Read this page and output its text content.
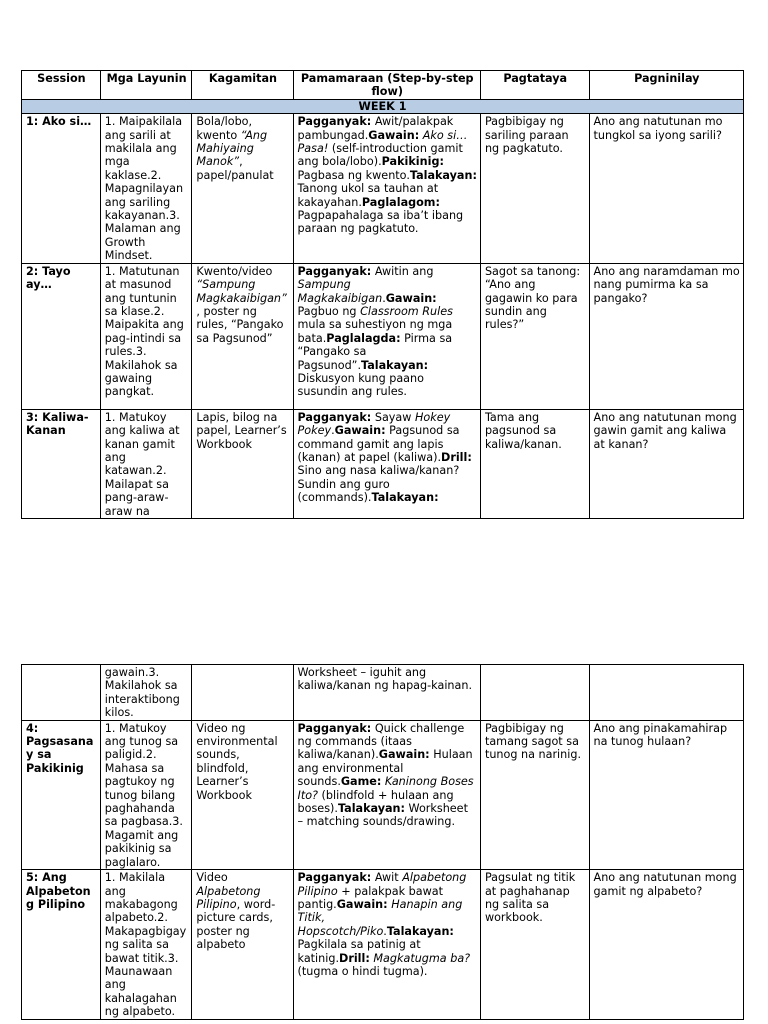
Session	Mga Layunin	Kagamitan	Pamamaraan (Step-by-step flow)	Pagtataya	Pagninilay
WEEK 1					
1: Ako si…	1. Maipakilala ang sarili at makilala ang mga kaklase.2. Mapagnilayan ang sariling kakayanan.3. Malaman ang Growth Mindset.	Bola/lobo, kwento “Ang Mahiyaing Manok”, papel/panulat	Pagganyak: Awit/palakpak pambungad.Gawain: Ako si… Pasa! (self-introduction gamit ang bola/lobo).Pakikinig: Pagbasa ng kwento.Talakayan: Tanong ukol sa tauhan at kakayahan.Paglalagom: Pagpapahalaga sa iba’t ibang paraan ng pagkatuto.	Pagbibigay ng sariling paraan ng pagkatuto.	Ano ang natutunan mo tungkol sa iyong sarili?
2: Tayo ay…	1. Matutunan at masunod ang tuntunin sa klase.2. Maipakita ang pag-intindi sa rules.3. Makilahok sa gawaing pangkat.	Kwento/video “Sampung Magkakaibigan”, poster ng rules, “Pangako sa Pagsunod”	Pagganyak: Awitin ang Sampung Magkakaibigan.Gawain: Pagbuo ng Classroom Rules mula sa suhestiyon ng mga bata.Paglalagda: Pirma sa “Pangako sa Pagsunod”.Talakayan: Diskusyon kung paano susundin ang rules.	Sagot sa tanong: “Ano ang gagawin ko para sundin ang rules?”	Ano ang naramdaman mo nang pumirma ka sa pangako?
3: Kaliwa-Kanan	1. Matukoy ang kaliwa at kanan gamit ang katawan.2. Mailapat sa pang-araw-araw na	Lapis, bilog na papel, Learner’s Workbook	Pagganyak: Sayaw Hokey Pokey.Gawain: Pagsunod sa command gamit ang lapis (kanan) at papel (kaliwa).Drill: Sino ang nasa kaliwa/kanan? Sundin ang guro (commands).Talakayan:	Tama ang pagsunod sa kaliwa/kanan.	Ano ang natutunan mong gawin gamit ang kaliwa at kanan?
	gawain.3. Makilahok sa interaktibong kilos.		Worksheet – iguhit ang kaliwa/kanan ng hapag-kainan.		
4: Pagsasanay sa Pakikinig	1. Matukoy ang tunog sa paligid.2. Mahasa sa pagtukoy ng tunog bilang paghahanda sa pagbasa.3. Magamit ang pakikinig sa paglalaro.	Video ng environmental sounds, blindfold, Learner’s Workbook	Pagganyak: Quick challenge ng commands (itaas kaliwa/kanan).Gawain: Hulaan ang environmental sounds.Game: Kaninong Boses Ito? (blindfold + hulaan ang boses).Talakayan: Worksheet – matching sounds/drawing.	Pagbibigay ng tamang sagot sa tunog na narinig.	Ano ang pinakamahirap na tunog hulaan?
5: Ang Alpabetong Pilipino	1. Makilala ang makabagong alpabeto.2. Makapagbigay ng salita sa bawat titik.3. Maunawaan ang kahalagahan ng alpabeto.	Video Alpabetong Pilipino, word-picture cards, poster ng alpabeto	Pagganyak: Awit Alpabetong Pilipino + palakpak bawat pantig.Gawain: Hanapin ang Titik, Hopscotch/Piko.Talakayan: Pagkilala sa patinig at katinig.Drill: Magkatugma ba? (tugma o hindi tugma).	Pagsulat ng titik at paghahanap ng salita sa workbook.	Ano ang natutunan mong gamit ng alpabeto?
